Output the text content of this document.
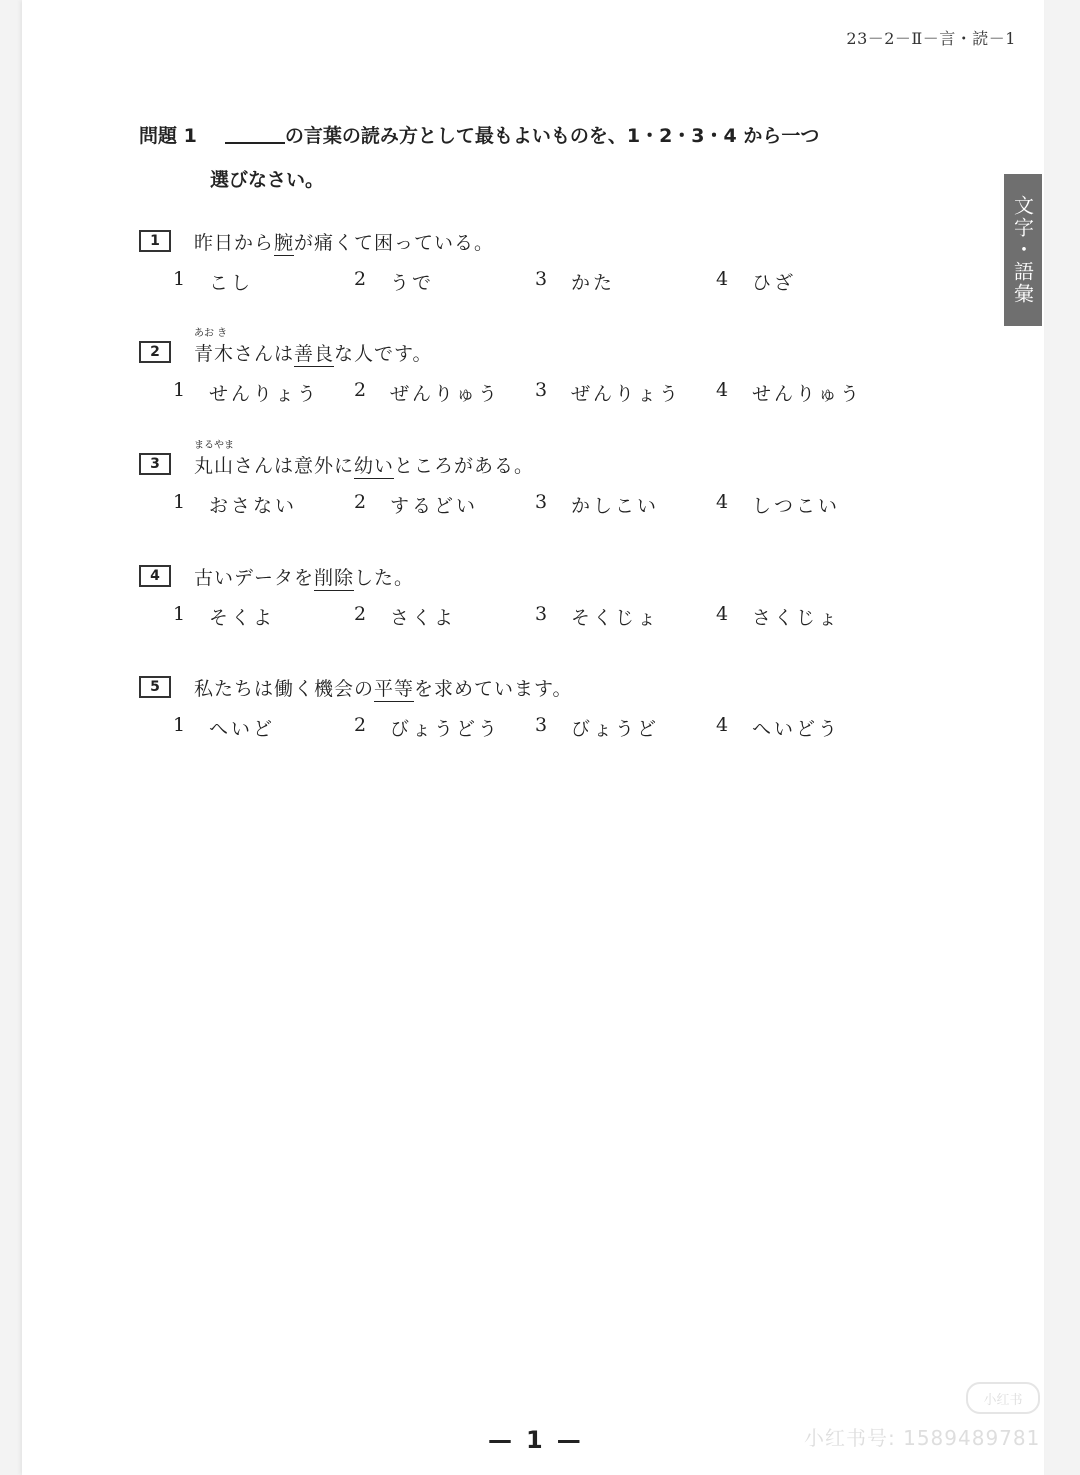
23－2－Ⅱ－言・読－1
文字・語彙
問題 1	の言葉の読み方として最もよいものを、1・2・3・4 から一つ
選びなさい。
1	昨日から腕が痛くて困っている。
1	こし	2	うで	3	かた	4	ひざ
2
あお き
青木さんは善良な人です。
1	せんりょう 2	ぜんりゅう 3	ぜんりょう 4	せんりゅう
3
まるやま
丸山さんは意外に幼いところがある。
1	おさない	2	するどい	3	かしこい	4	しつこい
4	古いデータを削除した。
1	そくよ	2	さくよ	3	そくじょ	4	さくじょ
5	私たちは働く機会の平等を求めています。
1	へいど	2	びょうどう 3	びょうど	4	へいどう
—1—
小红书
小红书号: 1589489781
